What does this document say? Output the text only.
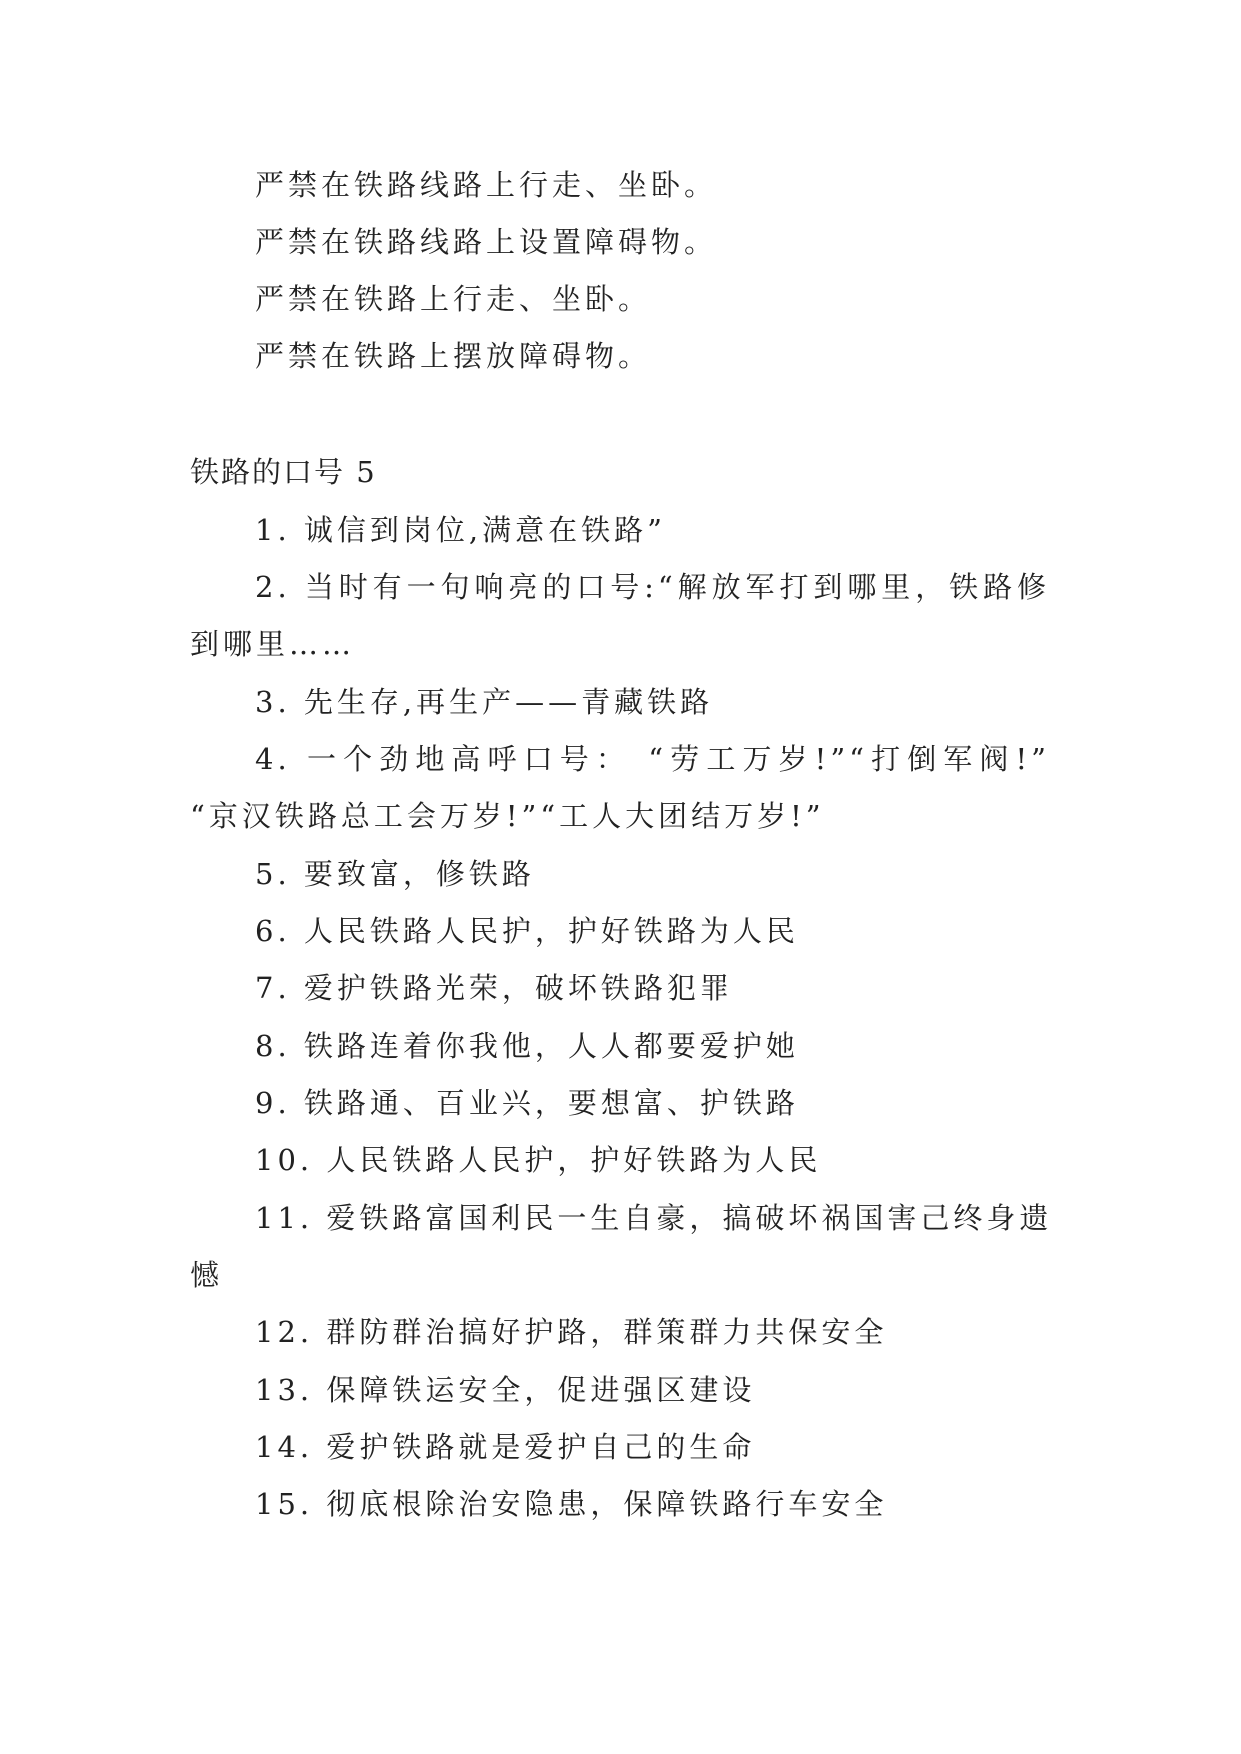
严禁在铁路线路上行走、坐卧。
严禁在铁路线路上设置障碍物。
严禁在铁路上行走、坐卧。
严禁在铁路上摆放障碍物。
铁路的口号 5
1. 诚信到岗位,满意在铁路”
2. 当时有一句响亮的口号:“解放军打到哪里，铁路修
到哪里……
3. 先生存,再生产——青藏铁路
4. 一个劲地高呼口号： “劳工万岁!”“打倒军阀!”
“京汉铁路总工会万岁!”“工人大团结万岁!”
5. 要致富，修铁路
6. 人民铁路人民护，护好铁路为人民
7. 爱护铁路光荣，破坏铁路犯罪
8. 铁路连着你我他，人人都要爱护她
9. 铁路通、百业兴，要想富、护铁路
10. 人民铁路人民护，护好铁路为人民
11. 爱铁路富国利民一生自豪，搞破坏祸国害己终身遗
憾
12. 群防群治搞好护路，群策群力共保安全
13. 保障铁运安全，促进强区建设
14. 爱护铁路就是爱护自己的生命
15. 彻底根除治安隐患，保障铁路行车安全
